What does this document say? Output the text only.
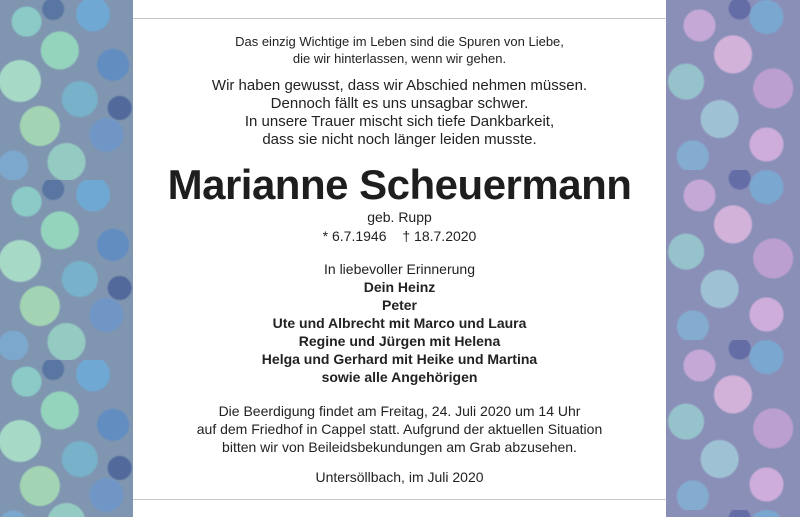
Das einzig Wichtige im Leben sind die Spuren von Liebe,
die wir hinterlassen, wenn wir gehen.
Wir haben gewusst, dass wir Abschied nehmen müssen.
Dennoch fällt es uns unsagbar schwer.
In unsere Trauer mischt sich tiefe Dankbarkeit,
dass sie nicht noch länger leiden musste.
Marianne Scheuermann
geb. Rupp
* 6.7.1946 † 18.7.2020
In liebevoller Erinnerung
Dein Heinz
Peter
Ute und Albrecht mit Marco und Laura
Regine und Jürgen mit Helena
Helga und Gerhard mit Heike und Martina
sowie alle Angehörigen
Die Beerdigung findet am Freitag, 24. Juli 2020 um 14 Uhr
auf dem Friedhof in Cappel statt. Aufgrund der aktuellen Situation
bitten wir von Beileidsbekundungen am Grab abzusehen.
Untersöllbach, im Juli 2020
